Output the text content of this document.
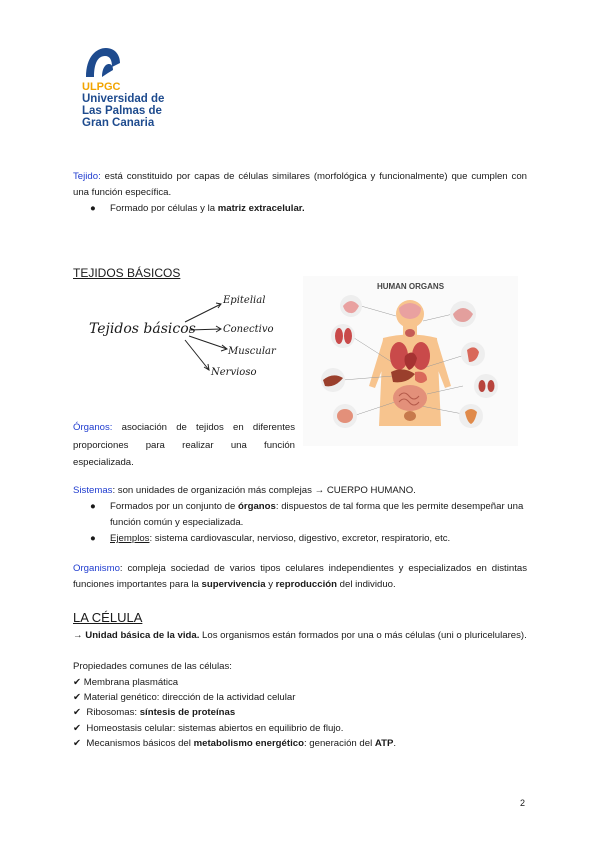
ULPGC
Universidad de
Las Palmas de
Gran Canaria

Tejido: está constituido por capas de células similares (morfológica y funcionalmente) que cumplen con una función específica.

● Formado por células y la matriz extracelular.
TEJIDOS BÁSICOS
Tejidos básicos
Epitelial
Conectivo
Muscular
Nervioso
HUMAN ORGANS

Órganos: asociación de tejidos en diferentes proporciones para realizar una función especializada.

Sistemas: son unidades de organización más complejas → CUERPO HUMANO.

●	Formados por un conjunto de órganos: dispuestos de tal forma que les permite desempeñar una función común y especializada.
●	Ejemplos: sistema cardiovascular, nervioso, digestivo, excretor, respiratorio, etc.

Organismo: compleja sociedad de varios tipos celulares independientes y especializados en distintas funciones importantes para la supervivencia y reproducción del individuo.

LA CÉLULA

→ Unidad básica de la vida. Los organismos están formados por una o más células (uni o pluricelulares).

Propiedades comunes de las células:

✔ Membrana plasmática
✔ Material genético: dirección de la actividad celular
✔ Ribosomas: síntesis de proteínas
✔ Homeostasis celular: sistemas abiertos en equilibrio de flujo.
✔ Mecanismos básicos del metabolismo energético: generación del ATP.
2
